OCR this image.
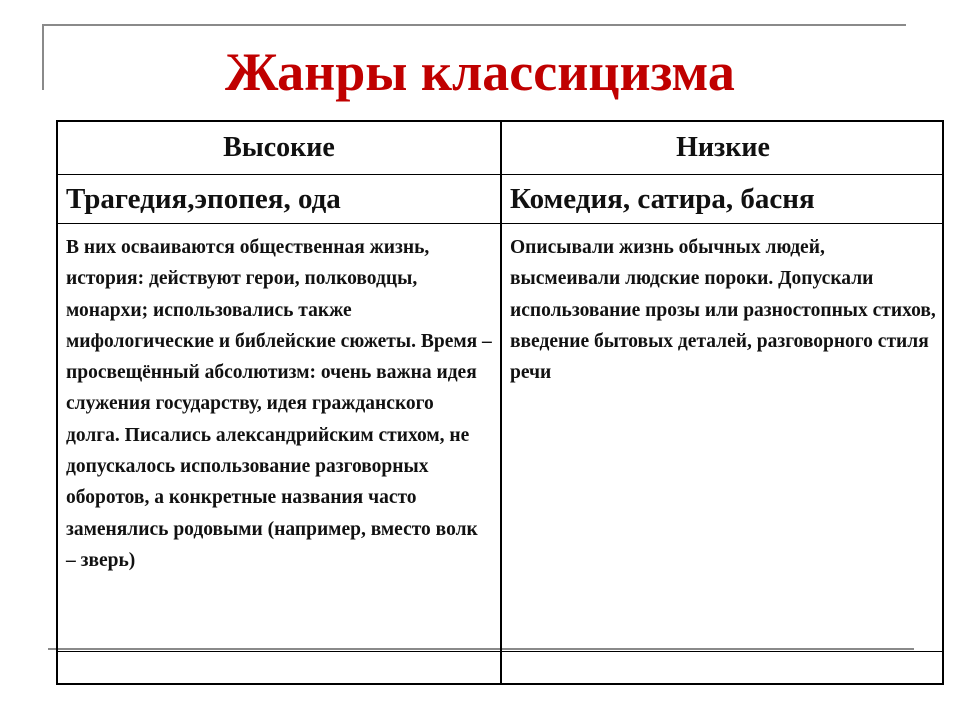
Жанры классицизма
Высокие	Низкие
Трагедия,эпопея, ода	Комедия, сатира, басня
В них осваиваются общественная жизнь, история: действуют герои, полководцы, монархи; использовались также мифологические и библейские сюжеты. Время – просвещённый абсолютизм: очень важна идея служения государству, идея гражданского долга. Писались александрийским стихом, не допускалось использование разговорных оборотов, а конкретные названия часто заменялись родовыми (например, вместо волк – зверь)
Описывали жизнь обычных людей, высмеивали людские пороки. Допускали использование прозы или разностопных стихов, введение бытовых деталей, разговорного стиля речи
